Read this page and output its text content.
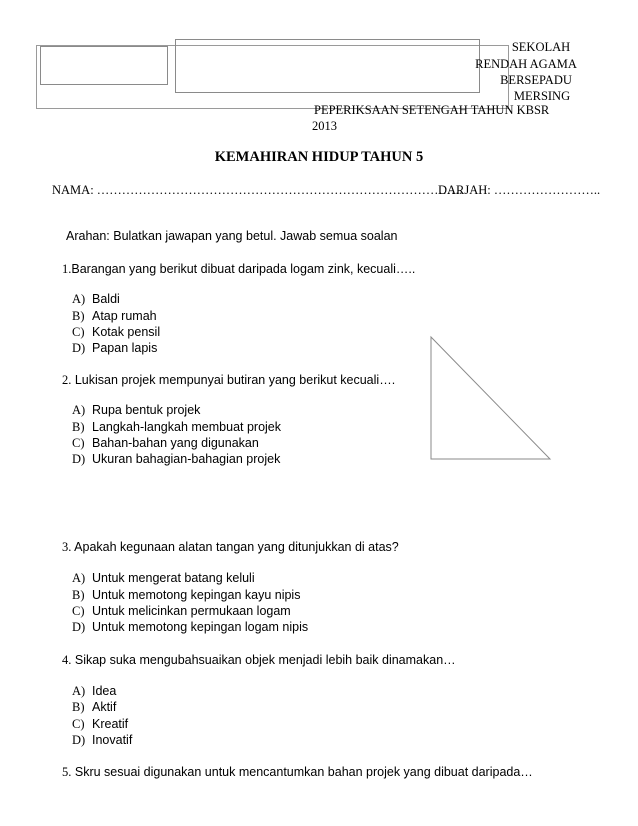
SEKOLAH
RENDAH AGAMA
BERSEPADU
MERSING
PEPERIKSAAN SETENGAH TAHUN KBSR
2013
KEMAHIRAN HIDUP TAHUN 5
NAMA: …………………………………………………………………………….
DARJAH: ……………………..
Arahan: Bulatkan jawapan yang betul. Jawab semua soalan
1.Barangan yang berikut dibuat daripada logam zink, kecuali…..
A) Baldi
B) Atap rumah
C) Kotak pensil
D) Papan lapis
2. Lukisan projek mempunyai butiran yang berikut kecuali….
A) Rupa bentuk projek
B) Langkah-langkah membuat projek
C) Bahan-bahan yang digunakan
D) Ukuran bahagian-bahagian projek
3. Apakah kegunaan alatan tangan yang ditunjukkan di atas?
A) Untuk mengerat batang keluli
B) Untuk memotong kepingan kayu nipis
C) Untuk melicinkan permukaan logam
D) Untuk memotong kepingan logam nipis
4. Sikap suka mengubahsuaikan objek menjadi lebih baik dinamakan…
A) Idea
B) Aktif
C) Kreatif
D) Inovatif
5. Skru sesuai digunakan untuk mencantumkan bahan projek yang dibuat daripada…
